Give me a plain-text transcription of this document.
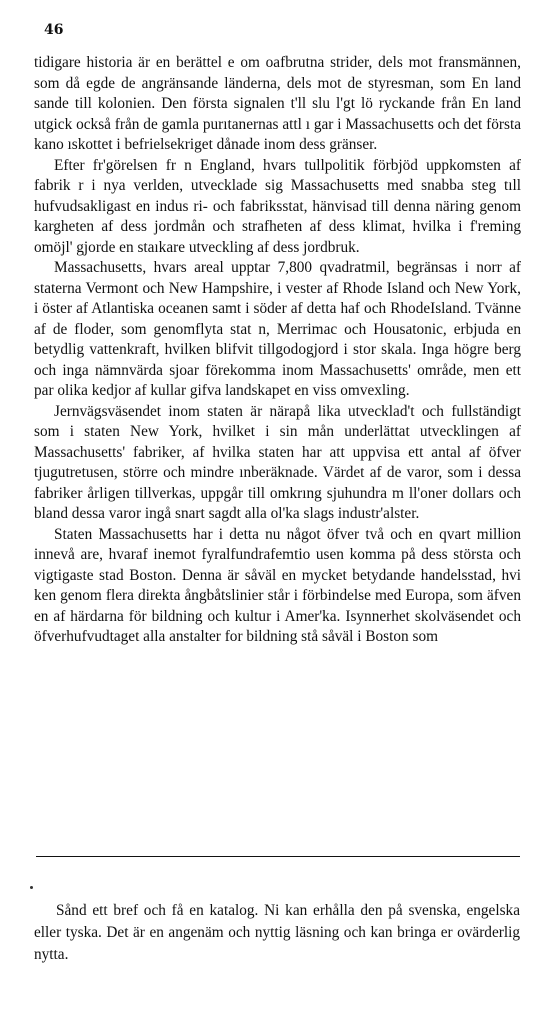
46

tidigare historia är en berättel e om oafbrutna strider, dels mot fransmännen, som då egde de angränsande länderna, dels mot de styresman, som En land sande till kolonien. Den första signalen t'll slu l'gt lö ryckande från En land utgick också från de gamla purıtanernas attl ı gar i Massachusetts och det första kano ıskottet i befrielsekriget dånade inom dess gränser.

Efter fr'görelsen fr n England, hvars tullpolitik förbjöd uppkomsten af fabrik r i nya verlden, utvecklade sig Massachusetts med snabba steg tıll hufvudsakligast en indus ri- och fabriksstat, hänvisad till denna näring genom kargheten af dess jordmån och strafheten af dess klimat, hvilka i f'reming omöjl' gjorde en staıkare utveckling af dess jordbruk.

Massachusetts, hvars areal upptar 7,800 qvadratmil, begränsas i norr af staterna Vermont och New Hampshire, i vester af Rhode Island och New York, i öster af Atlantiska oceanen samt i söder af detta haf och RhodeIsland. Tvänne af de floder, som genomflyta stat n, Merrimac och Housatonic, erbjuda en betydlig vattenkraft, hvilken blifvit tillgodogjord i stor skala. Inga högre berg och inga nämnvärda sjoar förekomma inom Massachusetts' område, men ett par olika kedjor af kullar gifva landskapet en viss omvexling.

Jernvägsväsendet inom staten är närapå lika utvecklad't och fullständigt som i staten New York, hvilket i sin mån underlättat utvecklingen af Massachusetts' fabriker, af hvilka staten har att uppvisa ett antal af öfver tjugutretusen, större och mindre ınberäknade. Värdet af de varor, som i dessa fabriker årligen tillverkas, uppgår till omkrıng sjuhundra m ll'oner dollars och bland dessa varor ingå snart sagdt alla ol'ka slags industr'alster.

Staten Massachusetts har i detta nu något öfver två och en qvart million innevå are, hvaraf inemot fyralfundrafemtio usen komma på dess största och vigtigaste stad Boston. Denna är såväl en mycket betydande handelsstad, hvi ken genom flera direkta ångbåtslinier står i förbindelse med Europa, som äfven en af härdarna för bildning och kultur i Amer'ka. Isynnerhet skolväsendet och öfverhufvudtaget alla anstalter for bildning stå såväl i Boston som

Sånd ett bref och få en katalog. Ni kan erhålla den på svenska, engelska eller tyska. Det är en angenäm och nyttig läsning och kan bringa er ovärderlig nytta.
